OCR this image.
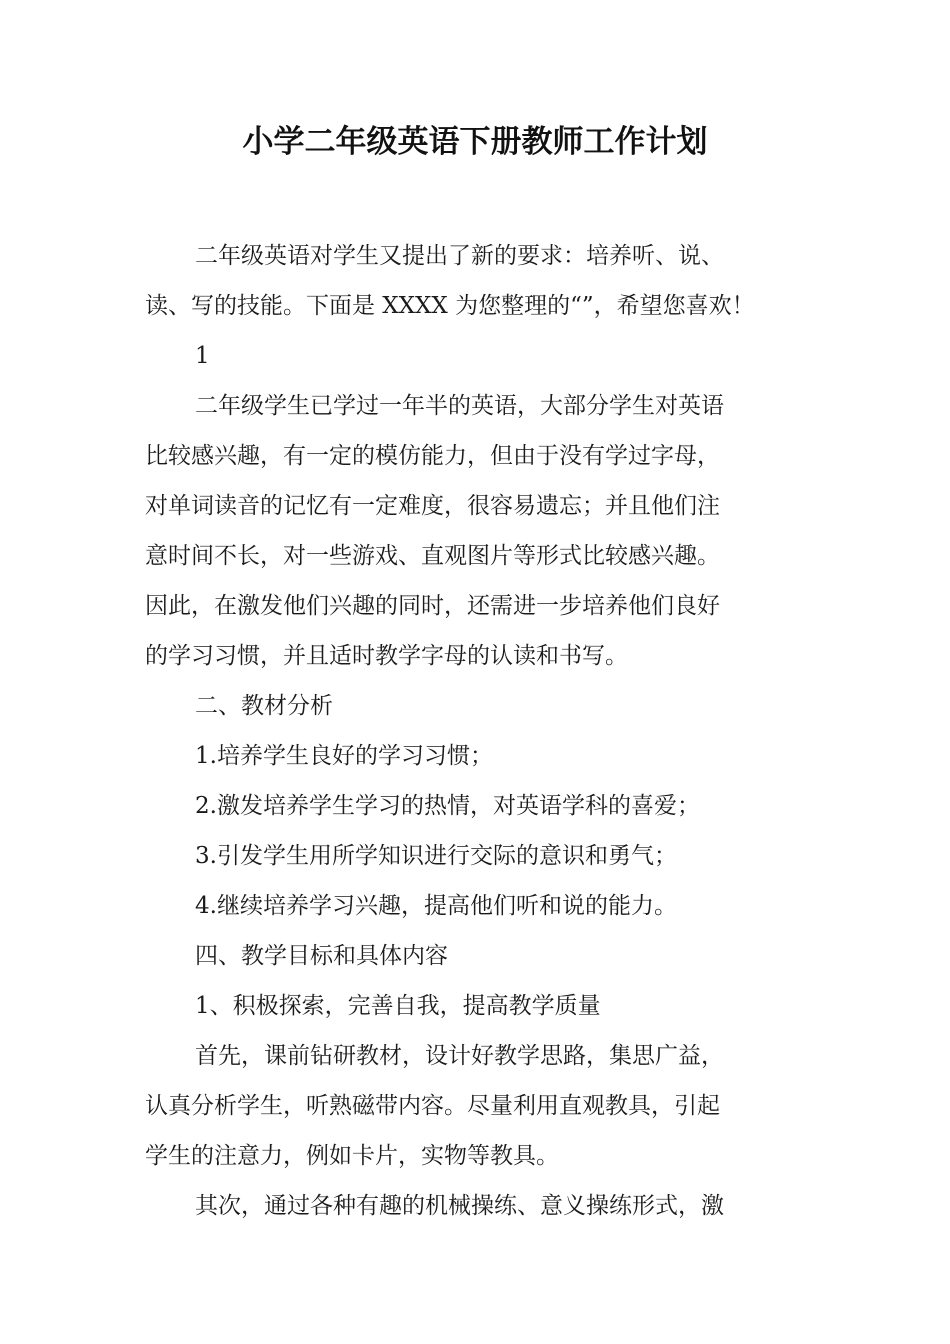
小学二年级英语下册教师工作计划
二年级英语对学生又提出了新的要求：培养听、说、
读、写的技能。下面是 XXXX 为您整理的“”，希望您喜欢！
1
二年级学生已学过一年半的英语，大部分学生对英语
比较感兴趣，有一定的模仿能力，但由于没有学过字母，
对单词读音的记忆有一定难度，很容易遗忘；并且他们注
意时间不长，对一些游戏、直观图片等形式比较感兴趣。
因此，在激发他们兴趣的同时，还需进一步培养他们良好
的学习习惯，并且适时教学字母的认读和书写。
二、教材分析
1.培养学生良好的学习习惯；
2.激发培养学生学习的热情，对英语学科的喜爱；
3.引发学生用所学知识进行交际的意识和勇气；
4.继续培养学习兴趣，提高他们听和说的能力。
四、教学目标和具体内容
1、积极探索，完善自我，提高教学质量
首先，课前钻研教材，设计好教学思路，集思广益，
认真分析学生，听熟磁带内容。尽量利用直观教具，引起
学生的注意力，例如卡片，实物等教具。
其次，通过各种有趣的机械操练、意义操练形式，激
